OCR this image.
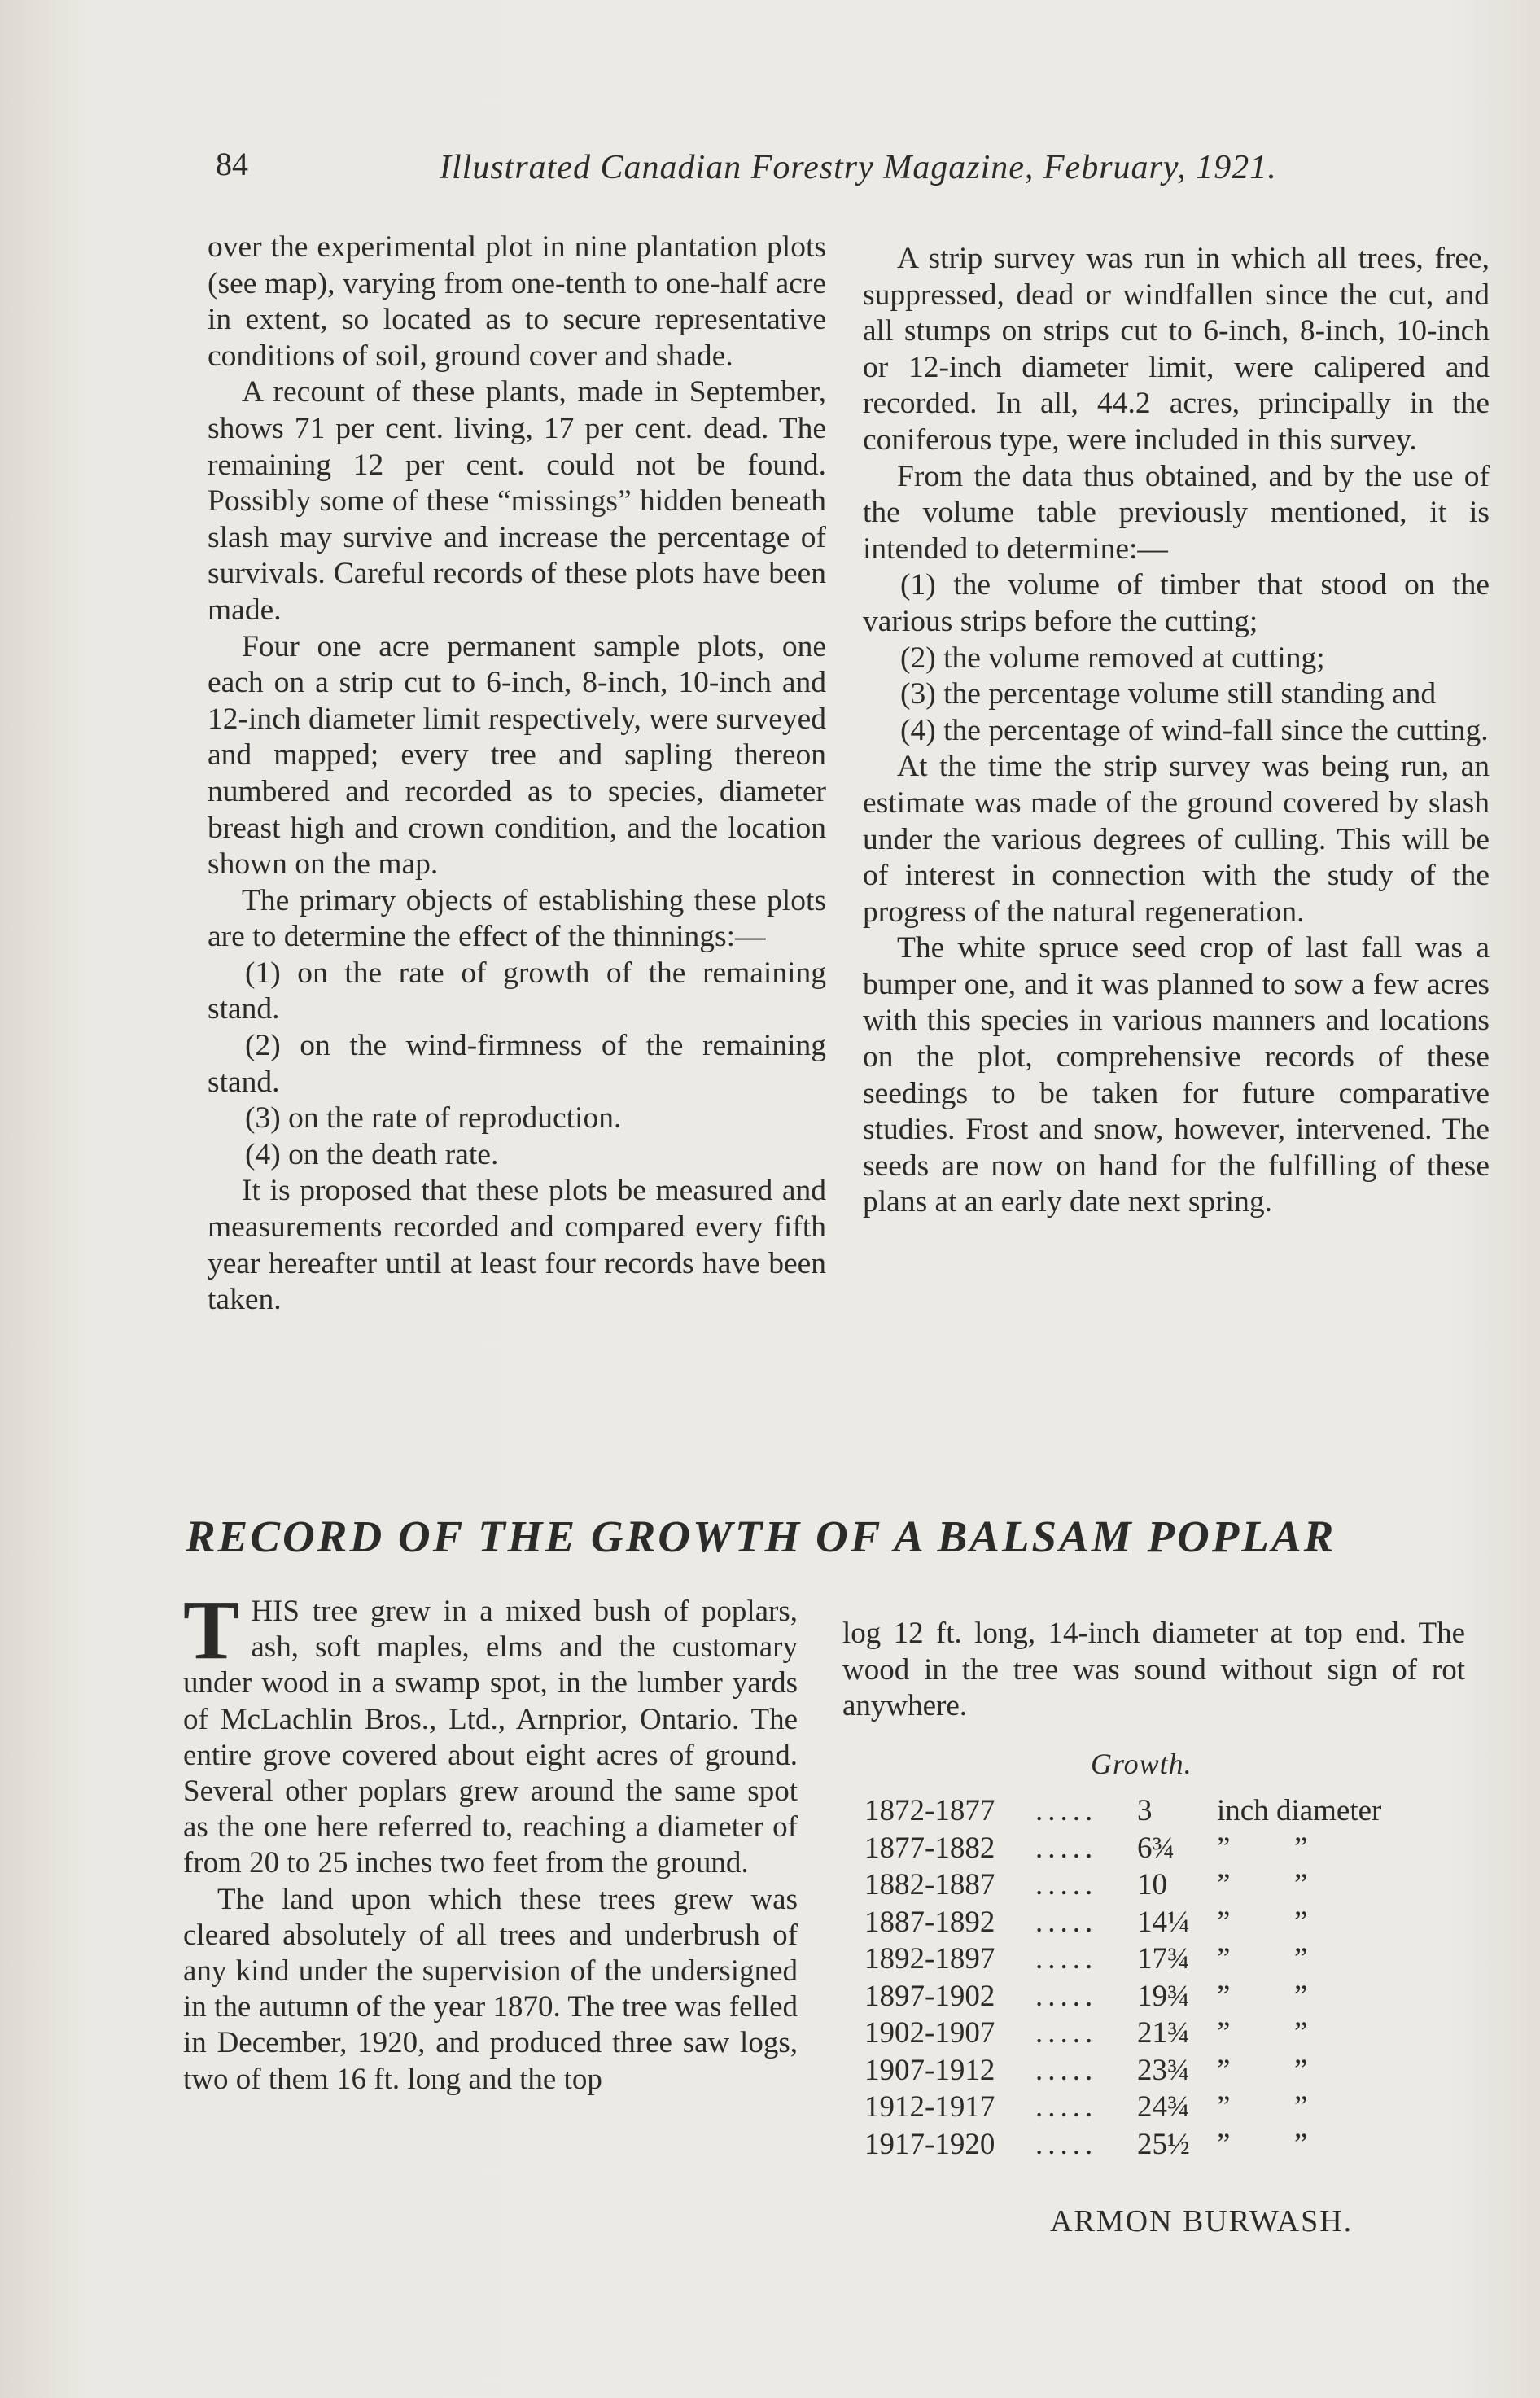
84	Illustrated Canadian Forestry Magazine, February, 1921.

over the experimental plot in nine plantation plots (see map), varying from one-tenth to one-half acre in extent, so located as to secure representative conditions of soil, ground cover and shade.

A recount of these plants, made in September, shows 71 per cent. living, 17 per cent. dead. The remaining 12 per cent. could not be found. Possibly some of these “missings” hidden beneath slash may survive and increase the percentage of survivals. Careful records of these plots have been made.

Four one acre permanent sample plots, one each on a strip cut to 6-inch, 8-inch, 10-inch and 12-inch diameter limit respectively, were surveyed and mapped; every tree and sapling thereon numbered and recorded as to species, diameter breast high and crown condition, and the location shown on the map.

The primary objects of establishing these plots are to determine the effect of the thinnings:—

(1) on the rate of growth of the remaining stand.

(2) on the wind-firmness of the remaining stand.

(3) on the rate of reproduction.

(4) on the death rate.

It is proposed that these plots be measured and measurements recorded and compared every fifth year hereafter until at least four records have been taken.

A strip survey was run in which all trees, free, suppressed, dead or windfallen since the cut, and all stumps on strips cut to 6-inch, 8-inch, 10-inch or 12-inch diameter limit, were calipered and recorded. In all, 44.2 acres, principally in the coniferous type, were included in this survey.

From the data thus obtained, and by the use of the volume table previously mentioned, it is intended to determine:—

(1) the volume of timber that stood on the various strips before the cutting;

(2) the volume removed at cutting;

(3) the percentage volume still standing and

(4) the percentage of wind-fall since the cutting.

At the time the strip survey was being run, an estimate was made of the ground covered by slash under the various degrees of culling. This will be of interest in connection with the study of the progress of the natural regeneration.

The white spruce seed crop of last fall was a bumper one, and it was planned to sow a few acres with this species in various manners and locations on the plot, comprehensive records of these seedings to be taken for future comparative studies. Frost and snow, however, intervened. The seeds are now on hand for the fulfilling of these plans at an early date next spring.

RECORD OF THE GROWTH OF A BALSAM POPLAR

THIS tree grew in a mixed bush of poplars, ash, soft maples, elms and the customary under wood in a swamp spot, in the lumber yards of McLachlin Bros., Ltd., Arnprior, Ontario. The entire grove covered about eight acres of ground. Several other poplars grew around the same spot as the one here referred to, reaching a diameter of from 20 to 25 inches two feet from the ground.

The land upon which these trees grew was cleared absolutely of all trees and underbrush of any kind under the supervision of the undersigned in the autumn of the year 1870. The tree was felled in December, 1920, and produced three saw logs, two of them 16 ft. long and the top

log 12 ft. long, 14-inch diameter at top end. The wood in the tree was sound without sign of rot anywhere.

Growth.
1872-1877 ..... 3 inch diameter
1877-1882 ..... 6¾ ” ”
1882-1887 ..... 10 ” ”
1887-1892 ..... 14¼ ” ”
1892-1897 ..... 17¾ ” ”
1897-1902 ..... 19¾ ” ”
1902-1907 ..... 21¾ ” ”
1907-1912 ..... 23¾ ” ”
1912-1917 ..... 24¾ ” ”
1917-1920 ..... 25½ ” ”
ARMON BURWASH.
